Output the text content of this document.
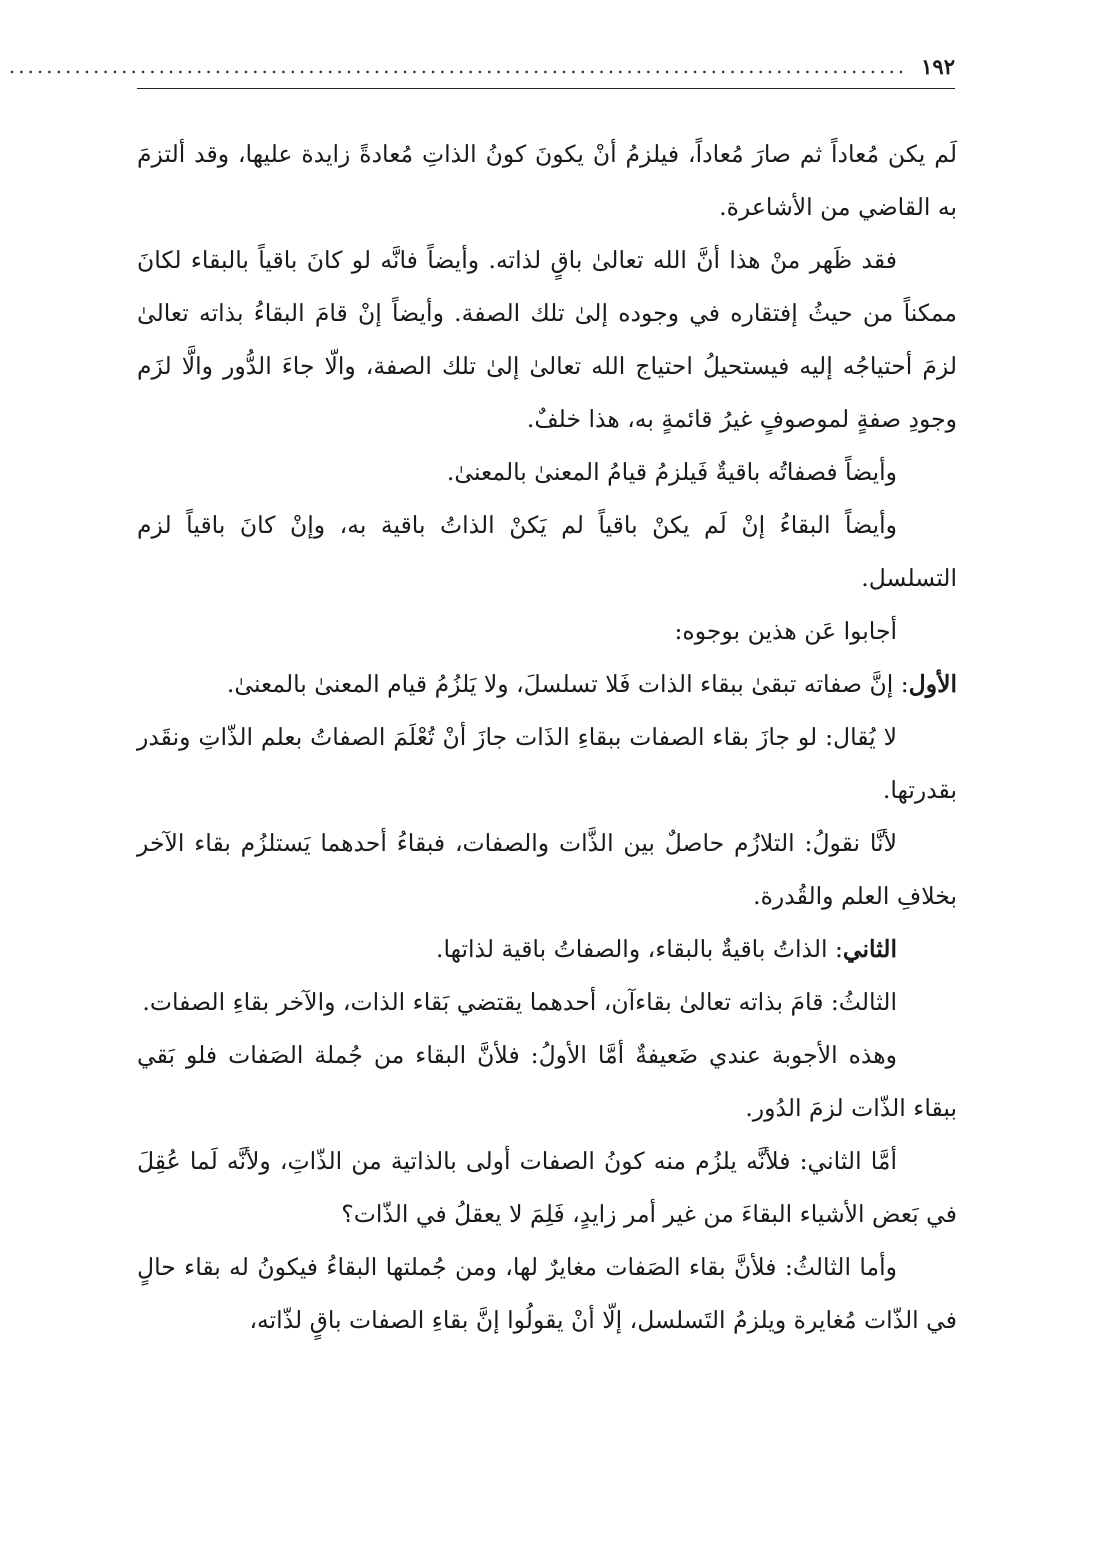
١٩٢
................................................................................................

لَم يكن مُعاداً ثم صارَ مُعاداً، فيلزمُ أنْ يكونَ كونُ الذاتِ مُعادةً زايدة عليها، وقد ألتزمَ به القاضي من الأشاعرة.

فقد ظَهر منْ هذا أنَّ الله تعالىٰ باقٍ لذاته. وأيضاً فانَّه لو كانَ باقياً بالبقاء لكانَ ممكناً من حيثُ إفتقاره في وجوده إلىٰ تلك الصفة. وأيضاً إنْ قامَ البقاءُ بذاته تعالىٰ لزمَ أحتياجُه إليه فيستحيلُ احتياج الله تعالىٰ إلىٰ تلك الصفة، والّا جاءَ الدُّور والَّا لزَم وجودِ صفةٍ لموصوفٍ غيرُ قائمةٍ به، هذا خلفٌ.

وأيضاً فصفاتُه باقيةٌ فَيلزمُ قيامُ المعنىٰ بالمعنىٰ.

وأيضاً البقاءُ إنْ لَم يكنْ باقياً لم يَكنْ الذاتُ باقية به، وإنْ كانَ باقياً لزم التسلسل.

أجابوا عَن هذين بوجوه:

الأول: إنَّ صفاته تبقىٰ ببقاء الذات فَلا تسلسلَ، ولا يَلزُمُ قيام المعنىٰ بالمعنىٰ.

لا يُقال: لو جازَ بقاء الصفات ببقاءِ الذَات جازَ أنْ تُعْلَمَ الصفاتُ بعلم الذّاتِ ونقَدر بقدرتها.

لأنَّا نقولُ: التلازُم حاصلٌ بين الذَّات والصفات، فبقاءُ أحدهما يَستلزُم بقاء الآخر بخلافِ العلم والقُدرة.

الثاني: الذاتُ باقيةٌ بالبقاء، والصفاتُ باقية لذاتها.

الثالثُ: قامَ بذاته تعالىٰ بقاءآن، أحدهما يقتضي بَقاء الذات، والآخر بقاءِ الصفات.

وهذه الأجوبة عندي ضَعيفةٌ أمَّا الأولُ: فلأنَّ البقاء من جُملة الصَفات فلو بَقي ببقاء الذّات لزمَ الدُور.

أمَّا الثاني: فلأنَّه يلزُم منه كونُ الصفات أولى بالذاتية من الذّاتِ، ولأنَّه لَما عُقِلَ في بَعض الأشياء البقاءَ من غير أمر زايدٍ، فَلِمَ لا يعقلُ في الذّات؟

وأما الثالثُ: فلأنَّ بقاء الصَفات مغايرٌ لها، ومن جُملتها البقاءُ فيكونُ له بقاء حالٍ في الذّات مُغايرة ويلزمُ التَسلسل، إلّا أنْ يقولُوا إنَّ بقاءِ الصفات باقٍ لذّاته،
